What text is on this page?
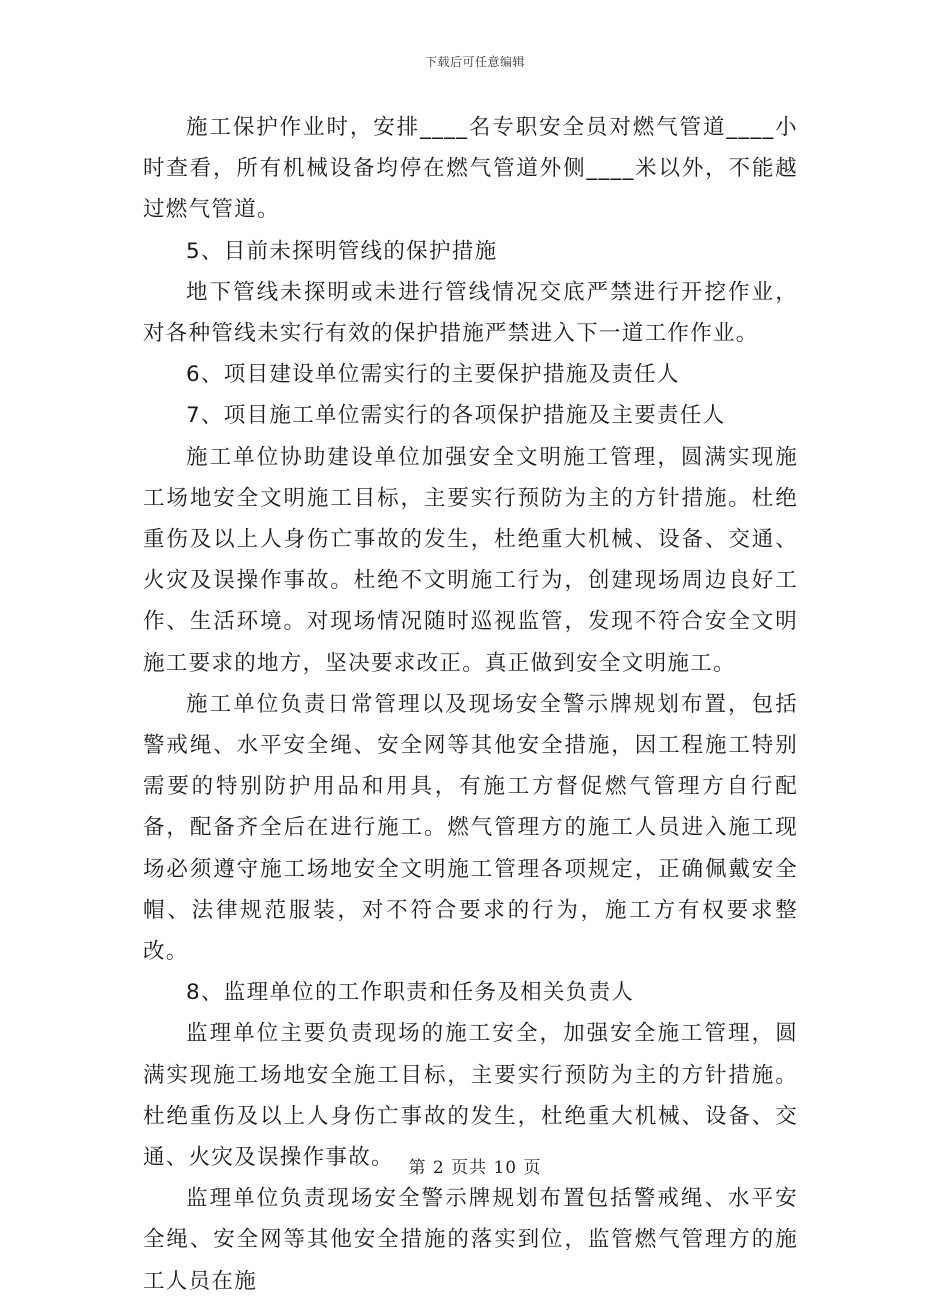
下载后可任意编辑

施工保护作业时，安排____名专职安全员对燃气管道____小时查看，所有机械设备均停在燃气管道外侧____米以外，不能越过燃气管道。

5、目前未探明管线的保护措施

地下管线未探明或未进行管线情况交底严禁进行开挖作业，对各种管线未实行有效的保护措施严禁进入下一道工作作业。

6、项目建设单位需实行的主要保护措施及责任人

7、项目施工单位需实行的各项保护措施及主要责任人

施工单位协助建设单位加强安全文明施工管理，圆满实现施工场地安全文明施工目标，主要实行预防为主的方针措施。杜绝重伤及以上人身伤亡事故的发生，杜绝重大机械、设备、交通、火灾及误操作事故。杜绝不文明施工行为，创建现场周边良好工作、生活环境。对现场情况随时巡视监管，发现不符合安全文明施工要求的地方，坚决要求改正。真正做到安全文明施工。

施工单位负责日常管理以及现场安全警示牌规划布置，包括警戒绳、水平安全绳、安全网等其他安全措施，因工程施工特别需要的特别防护用品和用具，有施工方督促燃气管理方自行配备，配备齐全后在进行施工。燃气管理方的施工人员进入施工现场必须遵守施工场地安全文明施工管理各项规定，正确佩戴安全帽、法律规范服装，对不符合要求的行为，施工方有权要求整改。

8、监理单位的工作职责和任务及相关负责人

监理单位主要负责现场的施工安全，加强安全施工管理，圆满实现施工场地安全施工目标，主要实行预防为主的方针措施。杜绝重伤及以上人身伤亡事故的发生，杜绝重大机械、设备、交通、火灾及误操作事故。

监理单位负责现场安全警示牌规划布置包括警戒绳、水平安全绳、安全网等其他安全措施的落实到位，监管燃气管理方的施工人员在施

第 2 页共 10 页
